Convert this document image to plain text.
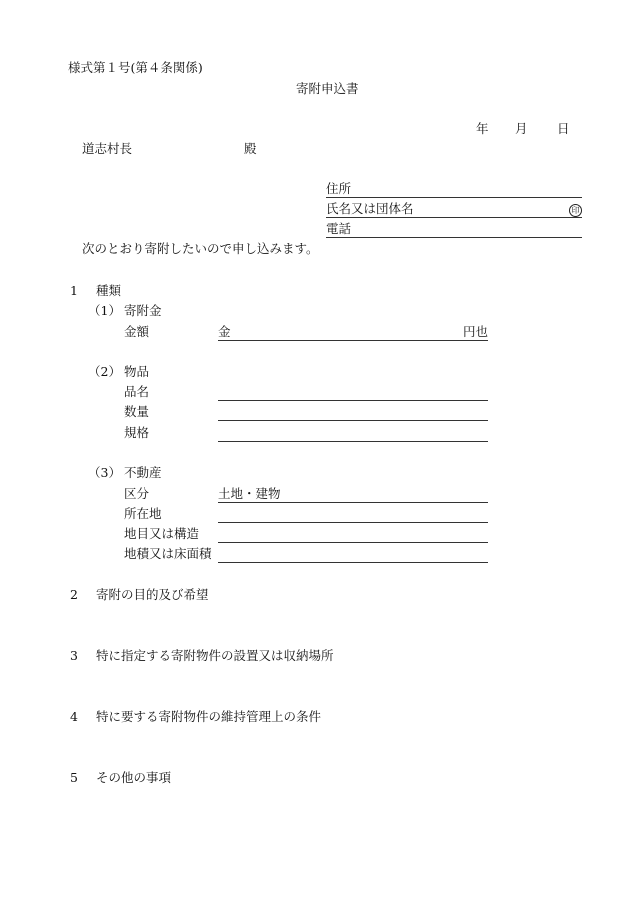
様式第１号(第４条関係)
寄附申込書
年 月 日
道志村長	殿
住所
氏名又は団体名	印
電話
次のとおり寄附したいので申し込みます。
1 種類
（1） 寄附金
金額	金	円也
（2） 物品
品名
数量
規格
（3） 不動産
区分	土地・建物
所在地
地目又は構造
地積又は床面積
2 寄附の目的及び希望
3 特に指定する寄附物件の設置又は収納場所
4 特に要する寄附物件の維持管理上の条件
5 その他の事項
